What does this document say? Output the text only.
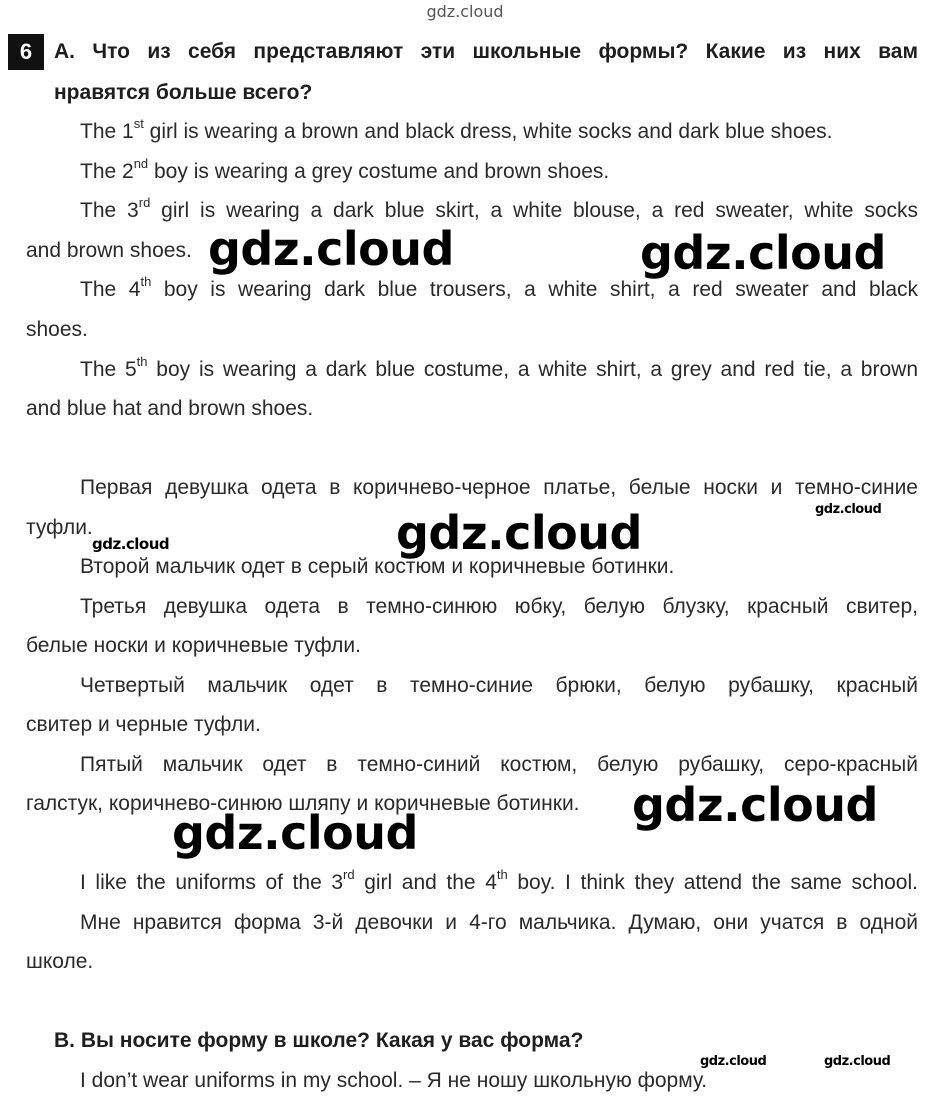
gdz.cloud
6	A. Что из себя представляют эти школьные формы? Какие из них вам
нравятся больше всего?
The 1st girl is wearing a brown and black dress, white socks and dark blue shoes.
The 2nd boy is wearing a grey costume and brown shoes.
The 3rd girl is wearing a dark blue skirt, a white blouse, a red sweater, white socks
and brown shoes.
The 4th boy is wearing dark blue trousers, a white shirt, a red sweater and black
shoes.
The 5th boy is wearing a dark blue costume, a white shirt, a grey and red tie, a brown
and blue hat and brown shoes.
Первая девушка одета в коричнево-черное платье, белые носки и темно-синие
туфли.
Второй мальчик одет в серый костюм и коричневые ботинки.
Третья девушка одета в темно-синюю юбку, белую блузку, красный свитер,
белые носки и коричневые туфли.
Четвертый мальчик одет в темно-синие брюки, белую рубашку, красный
свитер и черные туфли.
Пятый мальчик одет в темно-синий костюм, белую рубашку, серо-красный
галстук, коричнево-синюю шляпу и коричневые ботинки.
I like the uniforms of the 3rd girl and the 4th boy. I think they attend the same school.
Мне нравится форма 3-й девочки и 4-го мальчика. Думаю, они учатся в одной
школе.
B. Вы носите форму в школе? Какая у вас форма?
I don’t wear uniforms in my school. – Я не ношу школьную форму.
gdz.cloud	gdz.cloud
gdz.cloud
gdz.cloud
gdz.cloud
gdz.cloud
gdz.cloud
gdz.cloud	gdz.cloud
